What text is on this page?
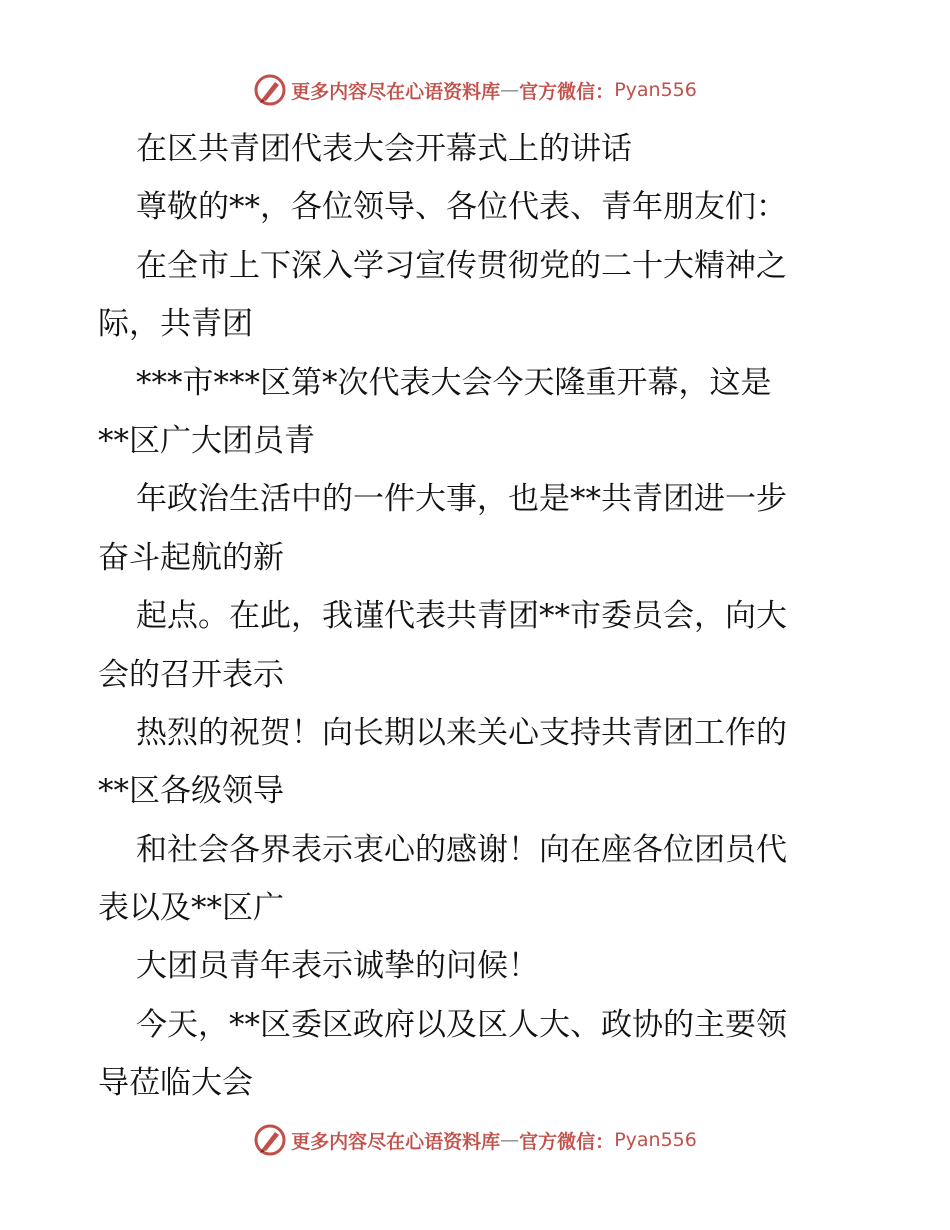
更多内容尽在心语资料库 — 官方微信： Pyan556
在区共青团代表大会开幕式上的讲话
尊敬的**，各位领导、各位代表、青年朋友们：
在全市上下深入学习宣传贯彻党的二十大精神之
际，共青团
***市***区第*次代表大会今天隆重开幕，这是
**区广大团员青
年政治生活中的一件大事，也是**共青团进一步
奋斗起航的新
起点。在此，我谨代表共青团**市委员会，向大
会的召开表示
热烈的祝贺！向长期以来关心支持共青团工作的
**区各级领导
和社会各界表示衷心的感谢！向在座各位团员代
表以及**区广
大团员青年表示诚挚的问候！
今天，**区委区政府以及区人大、政协的主要领
导莅临大会
更多内容尽在心语资料库 — 官方微信： Pyan556
